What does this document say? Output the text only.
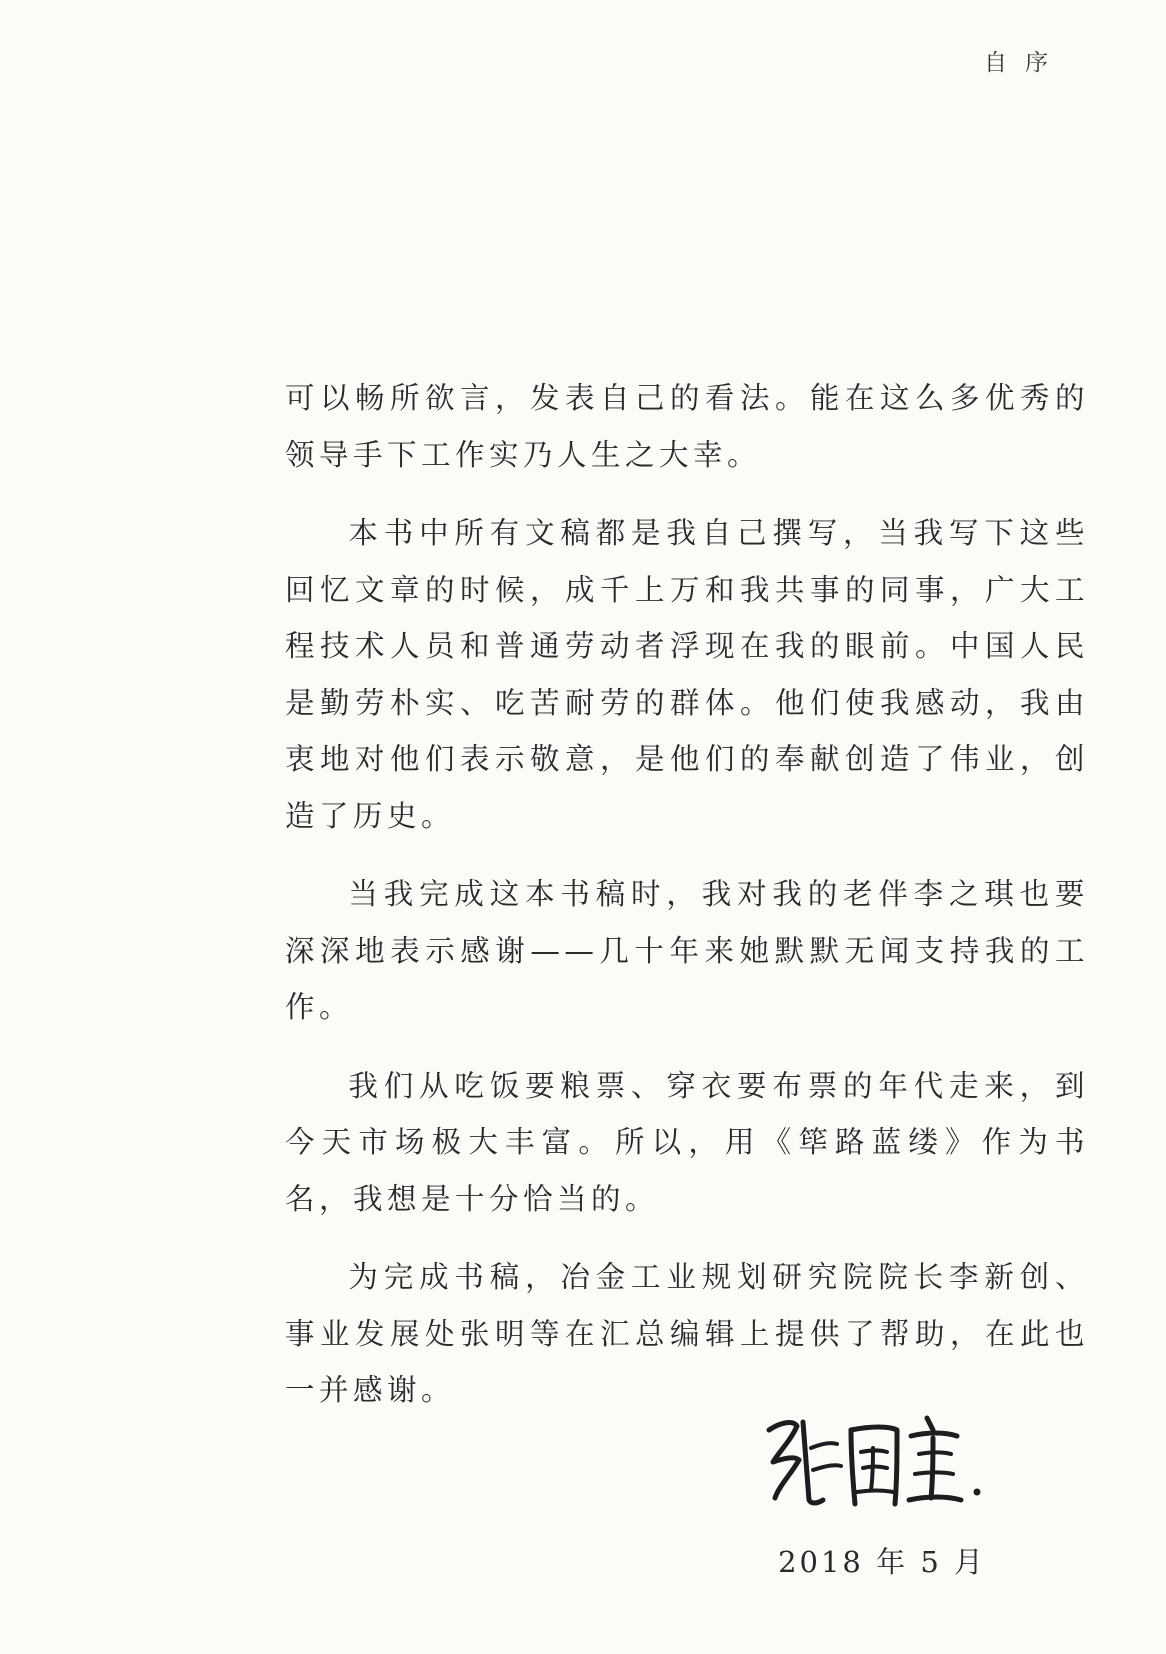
自序

可以畅所欲言，发表自己的看法。能在这么多优秀的领导手下工作实乃人生之大幸。

本书中所有文稿都是我自己撰写，当我写下这些回忆文章的时候，成千上万和我共事的同事，广大工程技术人员和普通劳动者浮现在我的眼前。中国人民是勤劳朴实、吃苦耐劳的群体。他们使我感动，我由衷地对他们表示敬意，是他们的奉献创造了伟业，创造了历史。

当我完成这本书稿时，我对我的老伴李之琪也要深深地表示感谢——几十年来她默默无闻支持我的工作。

我们从吃饭要粮票、穿衣要布票的年代走来，到今天市场极大丰富。所以，用《筚路蓝缕》作为书名，我想是十分恰当的。

为完成书稿，冶金工业规划研究院院长李新创、事业发展处张明等在汇总编辑上提供了帮助，在此也一并感谢。

2018 年 5 月
